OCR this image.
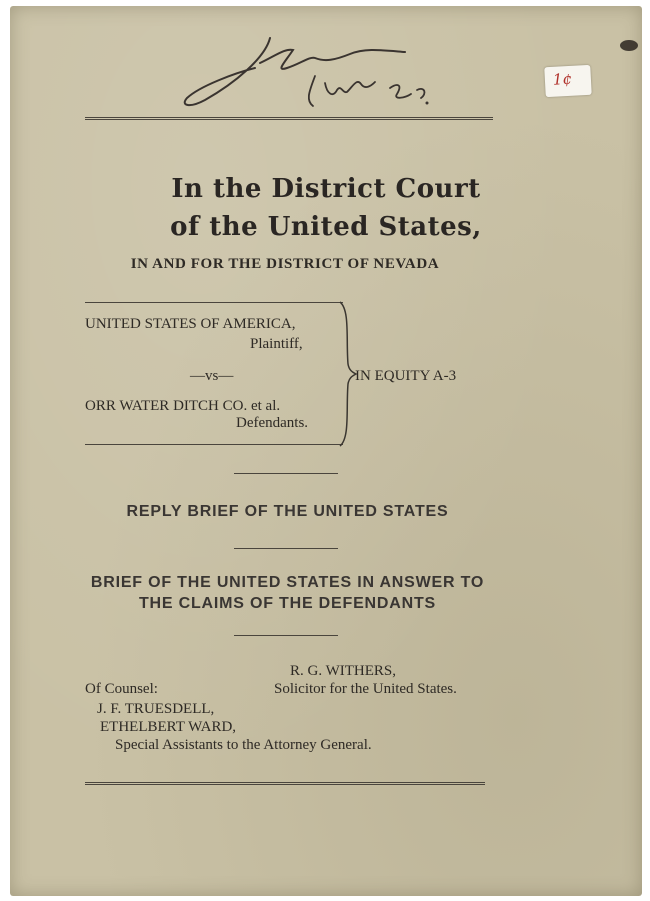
1¢
In the District Court
of the United States,
IN AND FOR THE DISTRICT OF NEVADA
UNITED STATES OF AMERICA,
Plaintiff,
—vs—
ORR WATER DITCH CO. et al.
Defendants.
IN EQUITY A-3
REPLY BRIEF OF THE UNITED STATES
BRIEF OF THE UNITED STATES IN ANSWER TO
THE CLAIMS OF THE DEFENDANTS
R. G. WITHERS,
Of Counsel:	Solicitor for the United States.
J. F. TRUESDELL,
ETHELBERT WARD,
Special Assistants to the Attorney General.
